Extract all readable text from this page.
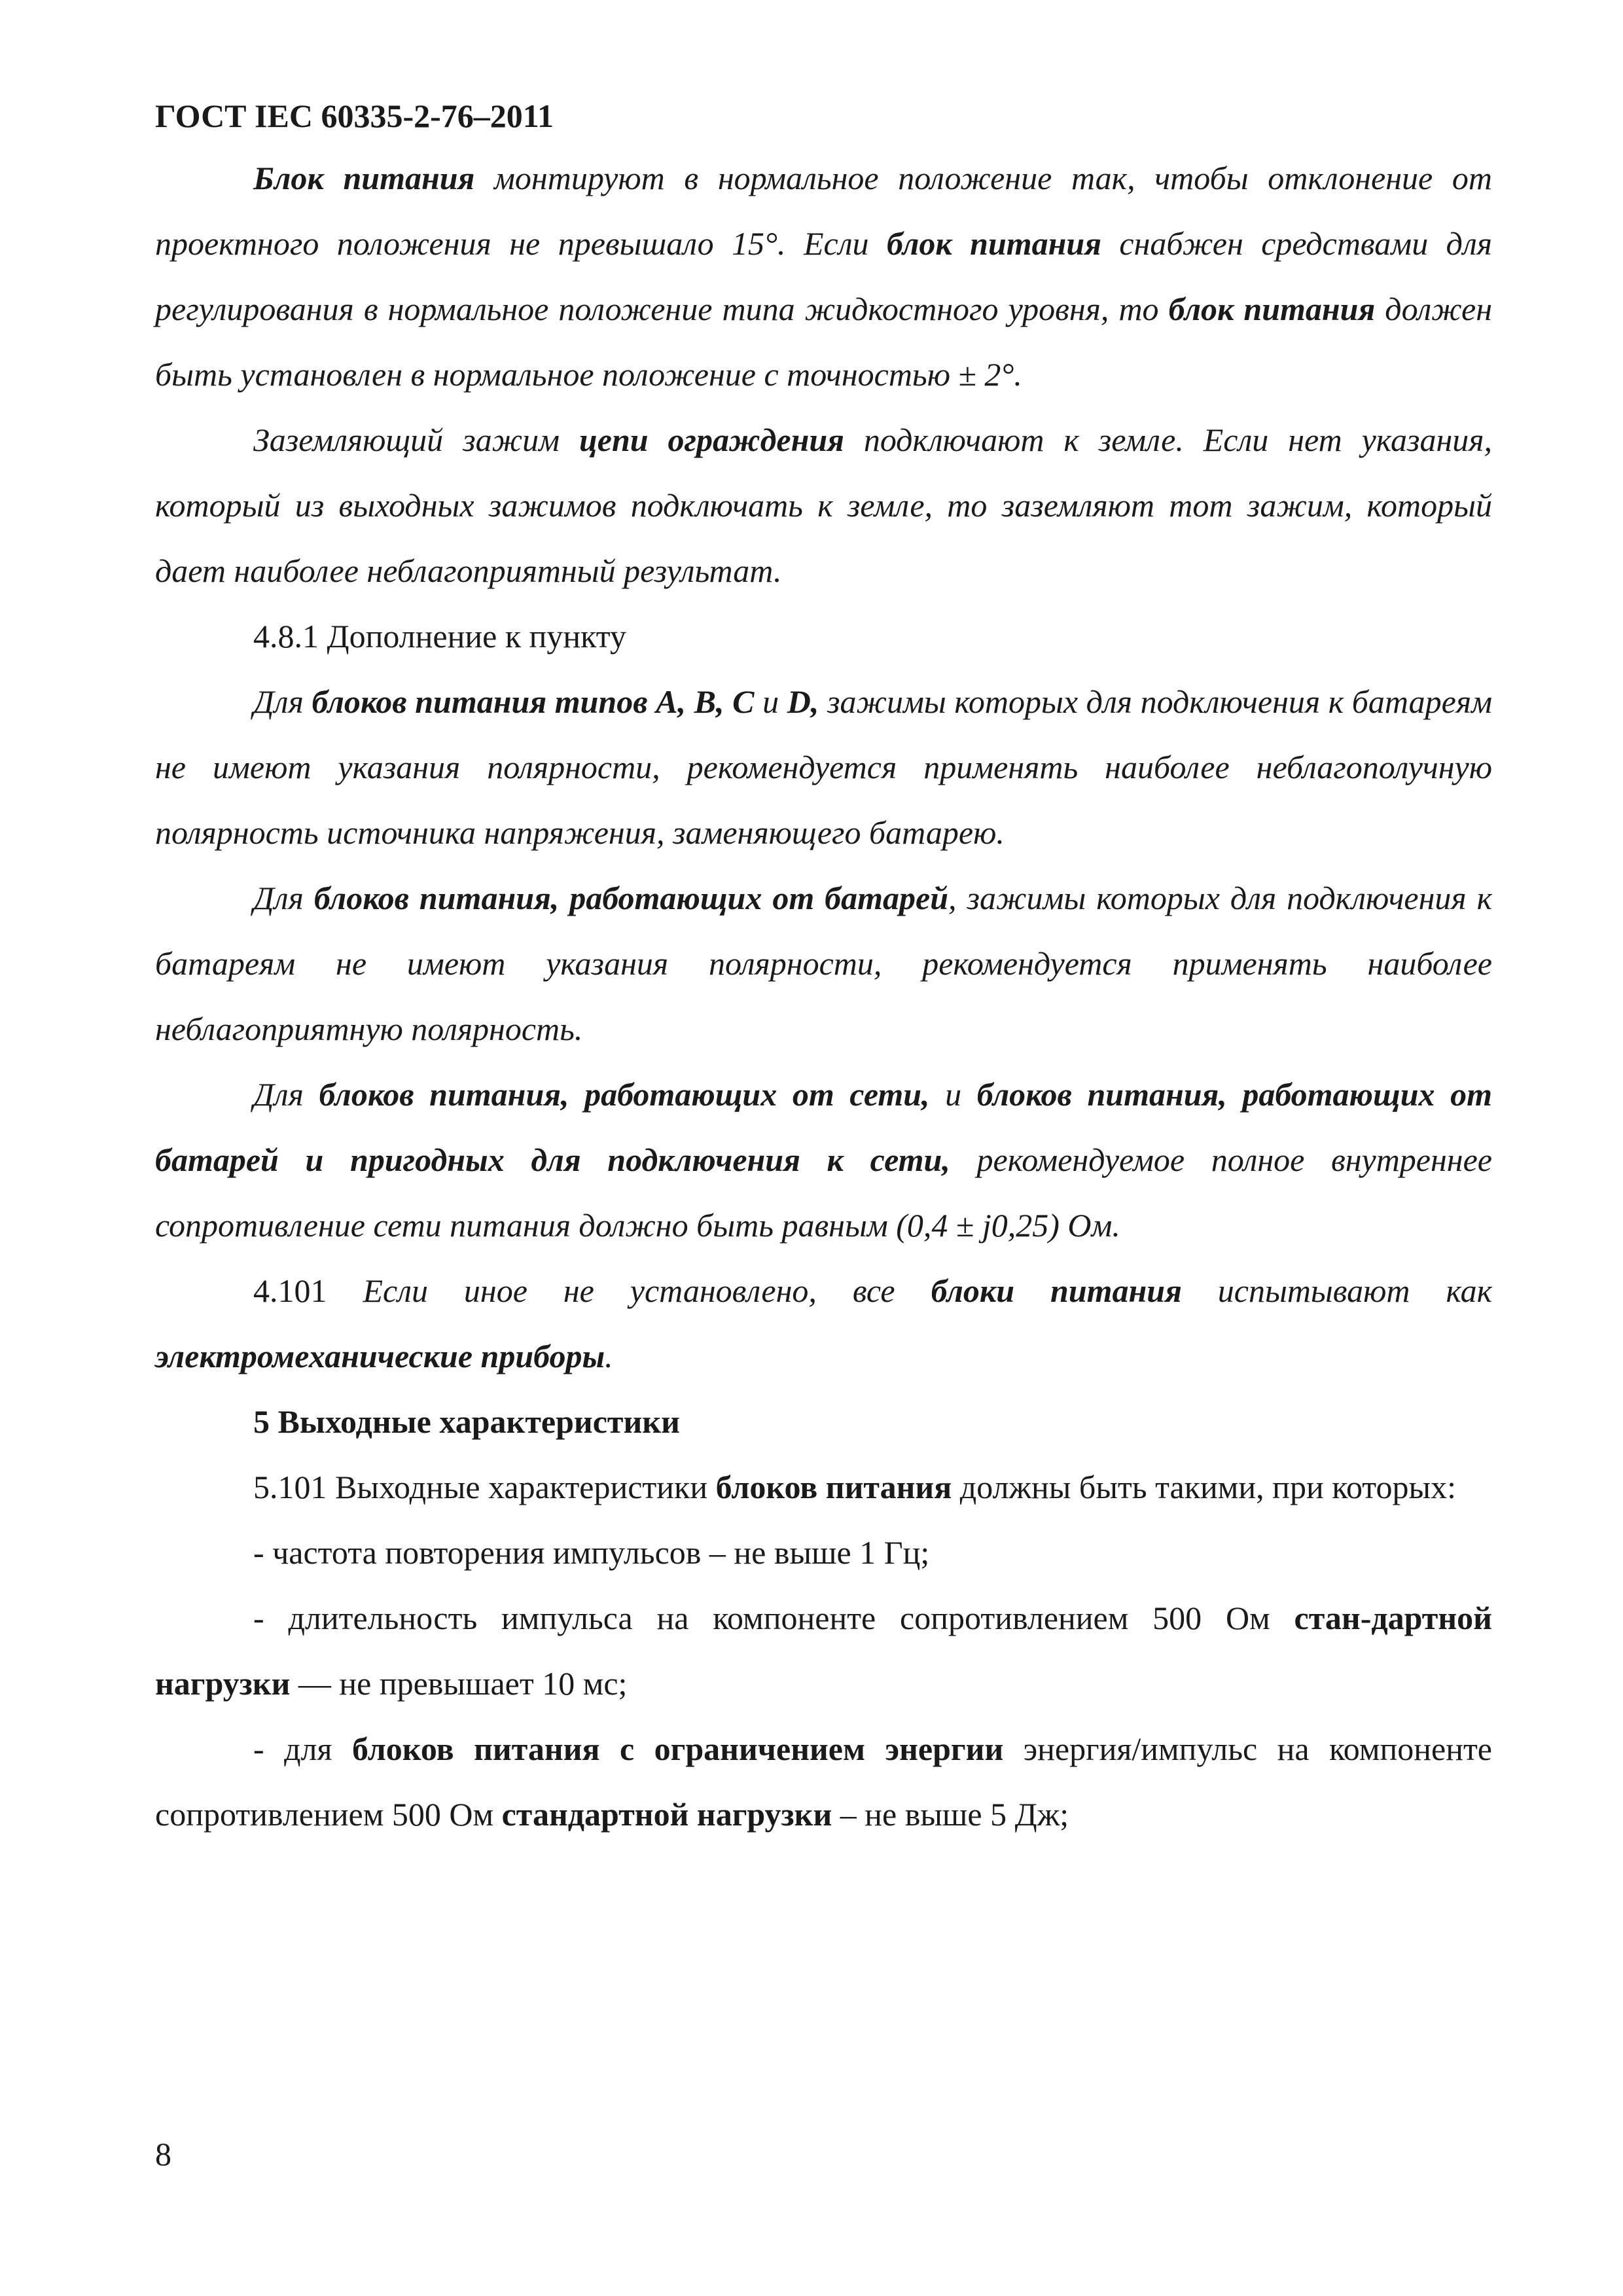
ГОСТ IEC 60335-2-76–2011

Блок питания монтируют в нормальное положение так, чтобы отклонение от проектного положения не превышало 15°. Если блок питания снабжен средствами для регулирования в нормальное положение типа жидкостного уровня, то блок питания должен быть установлен в нормальное положение с точностью ± 2°.

Заземляющий зажим цепи ограждения подключают к земле. Если нет указания, который из выходных зажимов подключать к земле, то заземляют тот зажим, который дает наиболее неблагоприятный результат.

4.8.1 Дополнение к пункту

Для блоков питания типов A, B, C и D, зажимы которых для подключения к батареям не имеют указания полярности, рекомендуется применять наиболее неблагополучную полярность источника напряжения, заменяющего батарею.

Для блоков питания, работающих от батарей, зажимы которых для подключения к батареям не имеют указания полярности, рекомендуется применять наиболее неблагоприятную полярность.

Для блоков питания, работающих от сети, и блоков питания, работающих от батарей и пригодных для подключения к сети, рекомендуемое полное внутреннее сопротивление сети питания должно быть равным (0,4 ± j0,25) Ом.

4.101 Если иное не установлено, все блоки питания испытывают как электромеханические приборы.

5 Выходные характеристики

5.101 Выходные характеристики блоков питания должны быть такими, при которых:

- частота повторения импульсов – не выше 1 Гц;

- длительность импульса на компоненте сопротивлением 500 Ом стан-дартной нагрузки — не превышает 10 мс;

- для блоков питания с ограничением энергии энергия/импульс на компоненте сопротивлением 500 Ом стандартной нагрузки – не выше 5 Дж;

8
